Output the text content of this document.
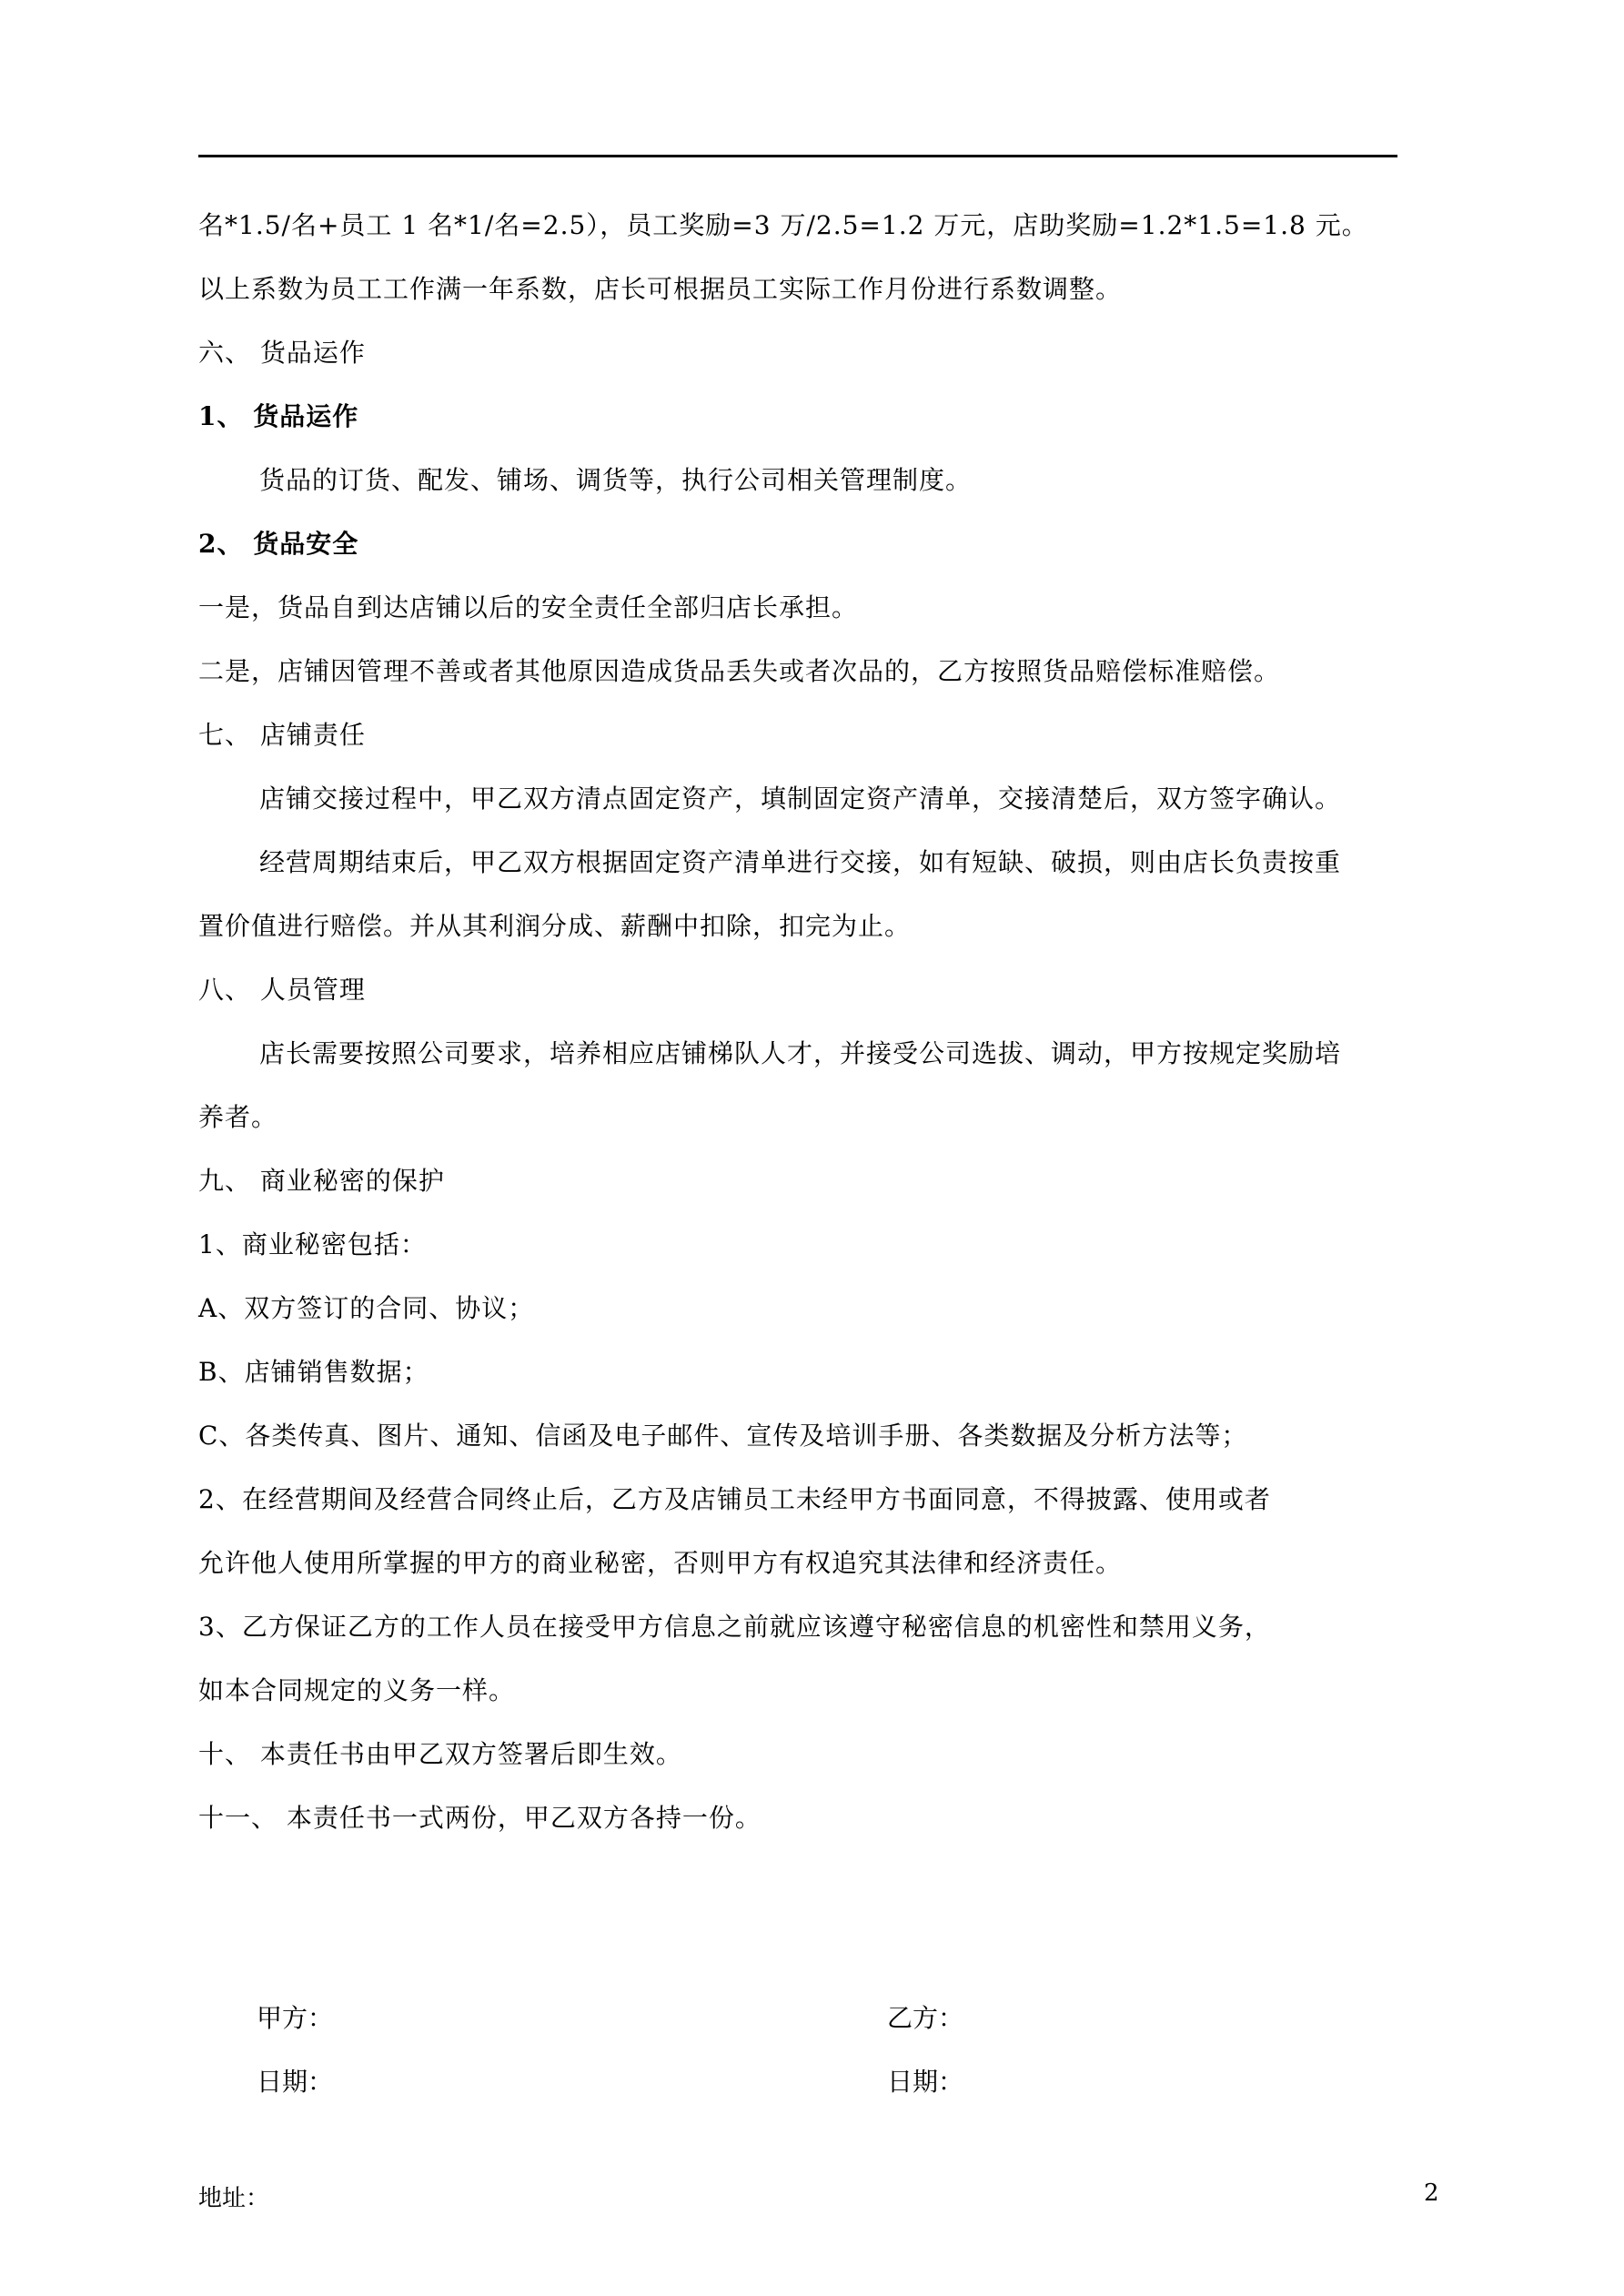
名*1.5/名+员工 1 名*1/名=2.5），员工奖励=3 万/2.5=1.2 万元，店助奖励=1.2*1.5=1.8 元。
以上系数为员工工作满一年系数，店长可根据员工实际工作月份进行系数调整。
六、 货品运作
1、 货品运作
货品的订货、配发、铺场、调货等，执行公司相关管理制度。
2、 货品安全
一是，货品自到达店铺以后的安全责任全部归店长承担。
二是，店铺因管理不善或者其他原因造成货品丢失或者次品的，乙方按照货品赔偿标准赔偿。
七、 店铺责任
店铺交接过程中，甲乙双方清点固定资产，填制固定资产清单，交接清楚后，双方签字确认。
经营周期结束后，甲乙双方根据固定资产清单进行交接，如有短缺、破损，则由店长负责按重
置价值进行赔偿。并从其利润分成、薪酬中扣除，扣完为止。
八、 人员管理
店长需要按照公司要求，培养相应店铺梯队人才，并接受公司选拔、调动，甲方按规定奖励培
养者。
九、 商业秘密的保护
1、商业秘密包括：
A、双方签订的合同、协议；
B、店铺销售数据；
C、各类传真、图片、通知、信函及电子邮件、宣传及培训手册、各类数据及分析方法等；
2、在经营期间及经营合同终止后，乙方及店铺员工未经甲方书面同意，不得披露、使用或者
允许他人使用所掌握的甲方的商业秘密，否则甲方有权追究其法律和经济责任。
3、乙方保证乙方的工作人员在接受甲方信息之前就应该遵守秘密信息的机密性和禁用义务，
如本合同规定的义务一样。
十、 本责任书由甲乙双方签署后即生效。
十一、 本责任书一式两份，甲乙双方各持一份。
甲方：	乙方：
日期：	日期：
地址：	2
